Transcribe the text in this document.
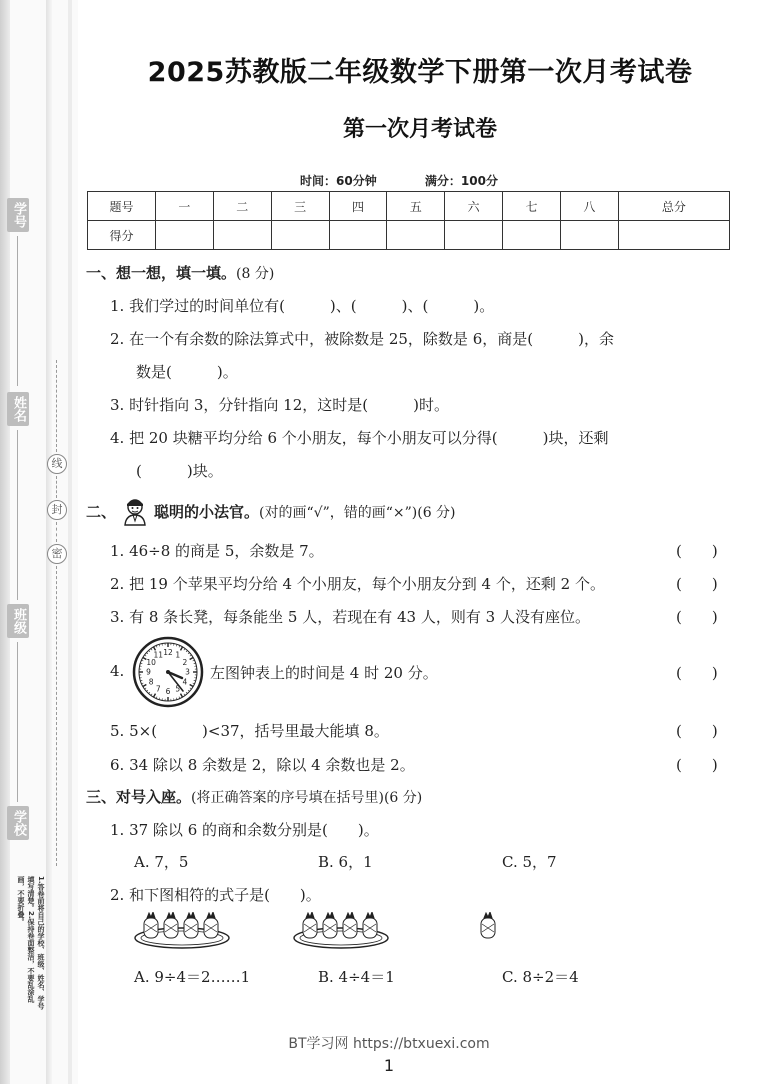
学号
姓名
班级
学校
线
封
密
1.答卷前将自己的学校、班级、姓名、学号填写清楚。2.保持卷面整洁，不要乱涂乱画，不要折叠。
2025苏教版二年级数学下册第一次月考试卷
第一次月考试卷
时间：60分钟	满分：100分
题号	一	二	三	四	五	六	七	八	总分
得分									
一、想一想，填一填。(8 分)
1. 我们学过的时间单位有(　　　)、(　　　)、(　　　)。
2. 在一个有余数的除法算式中，被除数是 25，除数是 6，商是(　　　)，余
数是(　　　)。
3. 时针指向 3，分针指向 12，这时是(　　　)时。
4. 把 20 块糖平均分给 6 个小朋友，每个小朋友可以分得(　　　)块，还剩
(　　　)块。
二、	聪明的小法官。(对的画“√”，错的画“×”)(6 分)
1. 46÷8 的商是 5，余数是 7。	(　　)
2. 把 19 个苹果平均分给 4 个小朋友，每个小朋友分到 4 个，还剩 2 个。	(　　)
3. 有 8 条长凳，每条能坐 5 人，若现在有 43 人，则有 3 人没有座位。	(　　)
4.
1
2
3
4
5
6
7
8
9
10
11 12
左图钟表上的时间是 4 时 20 分。	(　　)
5. 5×(　　　)<37，括号里最大能填 8。	(　　)
6. 34 除以 8 余数是 2，除以 4 余数也是 2。	(　　)
三、对号入座。(将正确答案的序号填在括号里)(6 分)
1. 37 除以 6 的商和余数分别是(　　)。
A. 7，5	B. 6，1	C. 5，7
2. 和下图相符的式子是(　　)。
A. 9÷4＝2……1	B. 4÷4＝1	C. 8÷2＝4
BT学习网 https://btxuexi.com
1
